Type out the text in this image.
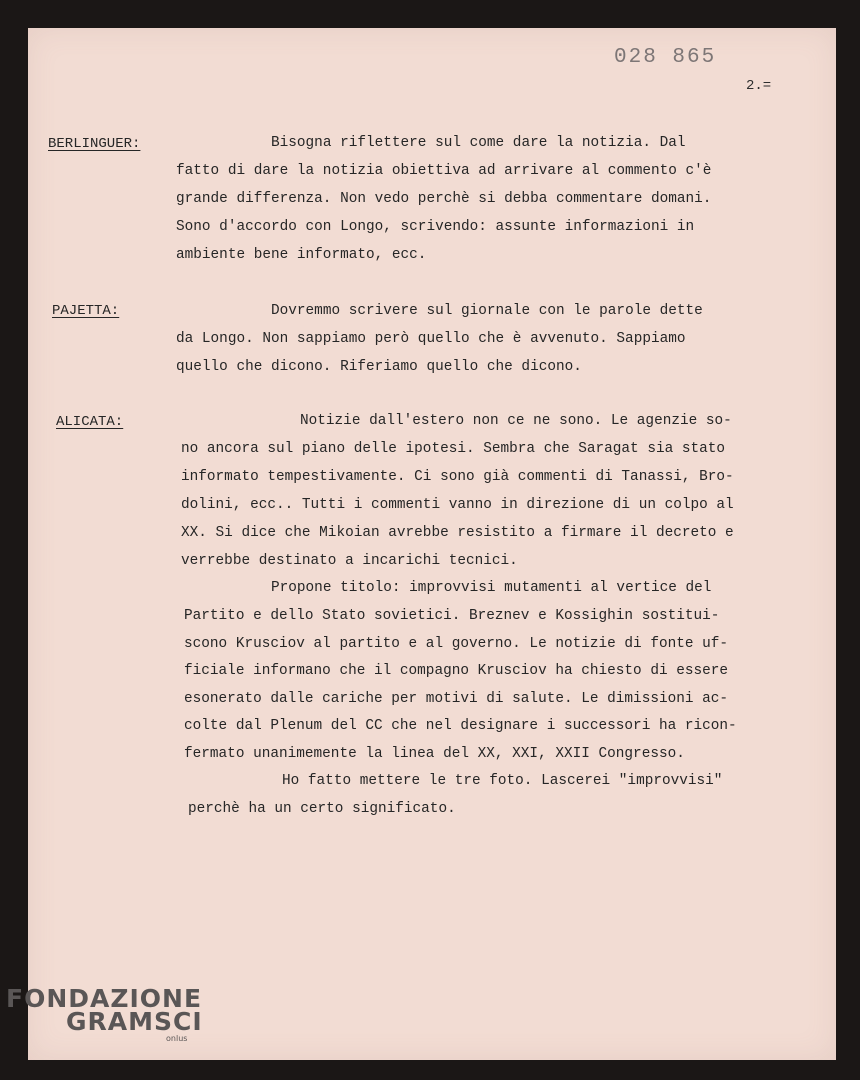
028 865
2.=
BERLINGUER:	Bisogna riflettere sul come dare la notizia. Dal
fatto di dare la notizia obiettiva ad arrivare al commento c'è
grande differenza. Non vedo perchè si debba commentare domani.
Sono d'accordo con Longo, scrivendo: assunte informazioni in
ambiente bene informato, ecc.
PAJETTA:	Dovremmo scrivere sul giornale con le parole dette
da Longo. Non sappiamo però quello che è avvenuto. Sappiamo
quello che dicono. Riferiamo quello che dicono.
ALICATA:	Notizie dall'estero non ce ne sono. Le agenzie so-
no ancora sul piano delle ipotesi. Sembra che Saragat sia stato
informato tempestivamente. Ci sono già commenti di Tanassi, Bro-
dolini, ecc.. Tutti i commenti vanno in direzione di un colpo al
XX. Si dice che Mikoian avrebbe resistito a firmare il decreto e
verrebbe destinato a incarichi tecnici.
Propone titolo: improvvisi mutamenti al vertice del
Partito e dello Stato sovietici. Breznev e Kossighin sostitui-
scono Krusciov al partito e al governo. Le notizie di fonte uf-
ficiale informano che il compagno Krusciov ha chiesto di essere
esonerato dalle cariche per motivi di salute. Le dimissioni ac-
colte dal Plenum del CC che nel designare i successori ha ricon-
fermato unanimemente la linea del XX, XXI, XXII Congresso.
Ho fatto mettere le tre foto. Lascerei "improvvisi"
perchè ha un certo significato.
FONDAZIONE
GRAMSCI
onlus
